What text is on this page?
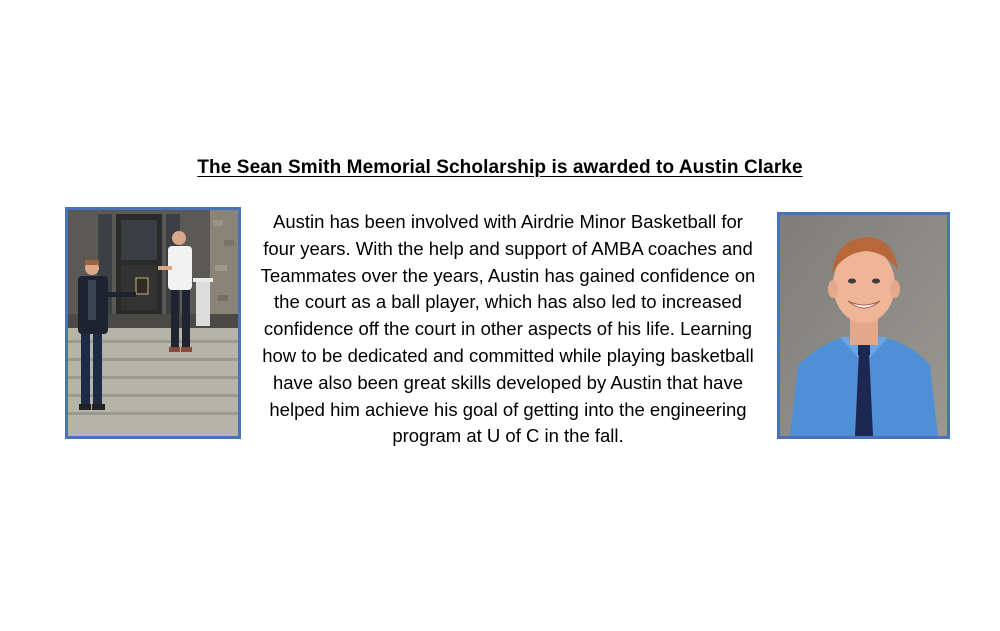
The Sean Smith Memorial Scholarship is awarded to Austin Clarke
Austin has been involved with Airdrie Minor Basketball for four years. With the help and support of AMBA coaches and Teammates over the years, Austin has gained confidence on the court as a ball player, which has also led to increased confidence off the court in other aspects of his life. Learning how to be dedicated and committed while playing basketball have also been great skills developed by Austin that have helped him achieve his goal of getting into the engineering program at U of C in the fall.
